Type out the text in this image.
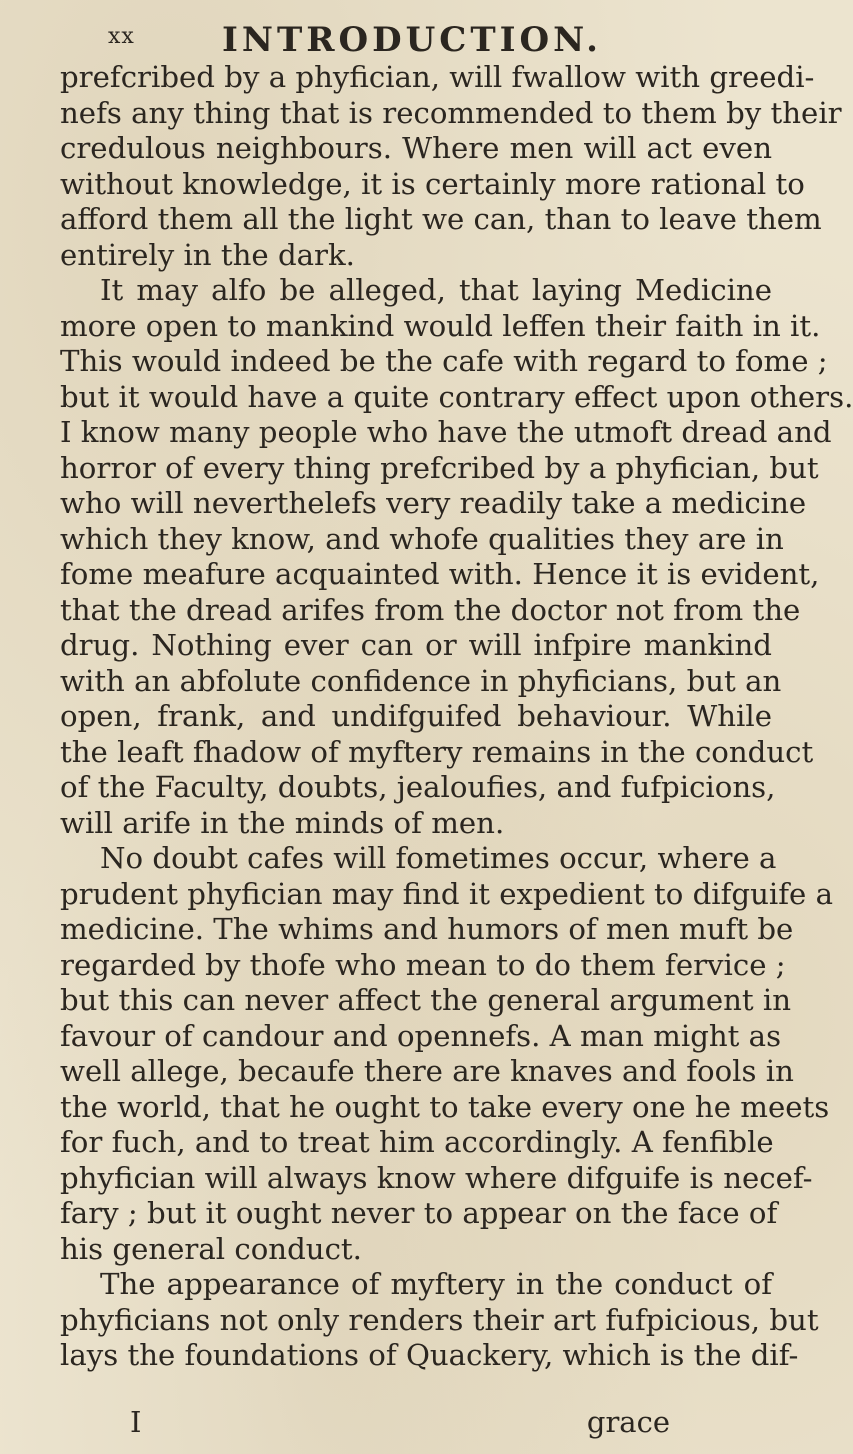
xx	INTRODUCTION.
prefcribed by a phyfician, will fwallow with greedi-
nefs any thing that is recommended to them by their
credulous neighbours. Where men will act even
without knowledge, it is certainly more rational to
afford them all the light we can, than to leave them
entirely in the dark.
It may alfo be alleged, that laying Medicine
more open to mankind would leffen their faith in it.
This would indeed be the cafe with regard to fome ;
but it would have a quite contrary effect upon others.
I know many people who have the utmoft dread and
horror of every thing prefcribed by a phyfician, but
who will neverthelefs very readily take a medicine
which they know, and whofe qualities they are in
fome meafure acquainted with. Hence it is evident,
that the dread arifes from the doctor not from the
drug. Nothing ever can or will infpire mankind
with an abfolute confidence in phyficians, but an
open, frank, and undifguifed behaviour. While
the leaft fhadow of myftery remains in the conduct
of the Faculty, doubts, jealoufies, and fufpicions,
will arife in the minds of men.
No doubt cafes will fometimes occur, where a
prudent phyfician may find it expedient to difguife a
medicine. The whims and humors of men muft be
regarded by thofe who mean to do them fervice ;
but this can never affect the general argument in
favour of candour and opennefs. A man might as
well allege, becaufe there are knaves and fools in
the world, that he ought to take every one he meets
for fuch, and to treat him accordingly. A fenfible
phyfician will always know where difguife is necef-
fary ; but it ought never to appear on the face of
his general conduct.
The appearance of myftery in the conduct of
phyficians not only renders their art fufpicious, but
lays the foundations of Quackery, which is the dif-
I	grace
